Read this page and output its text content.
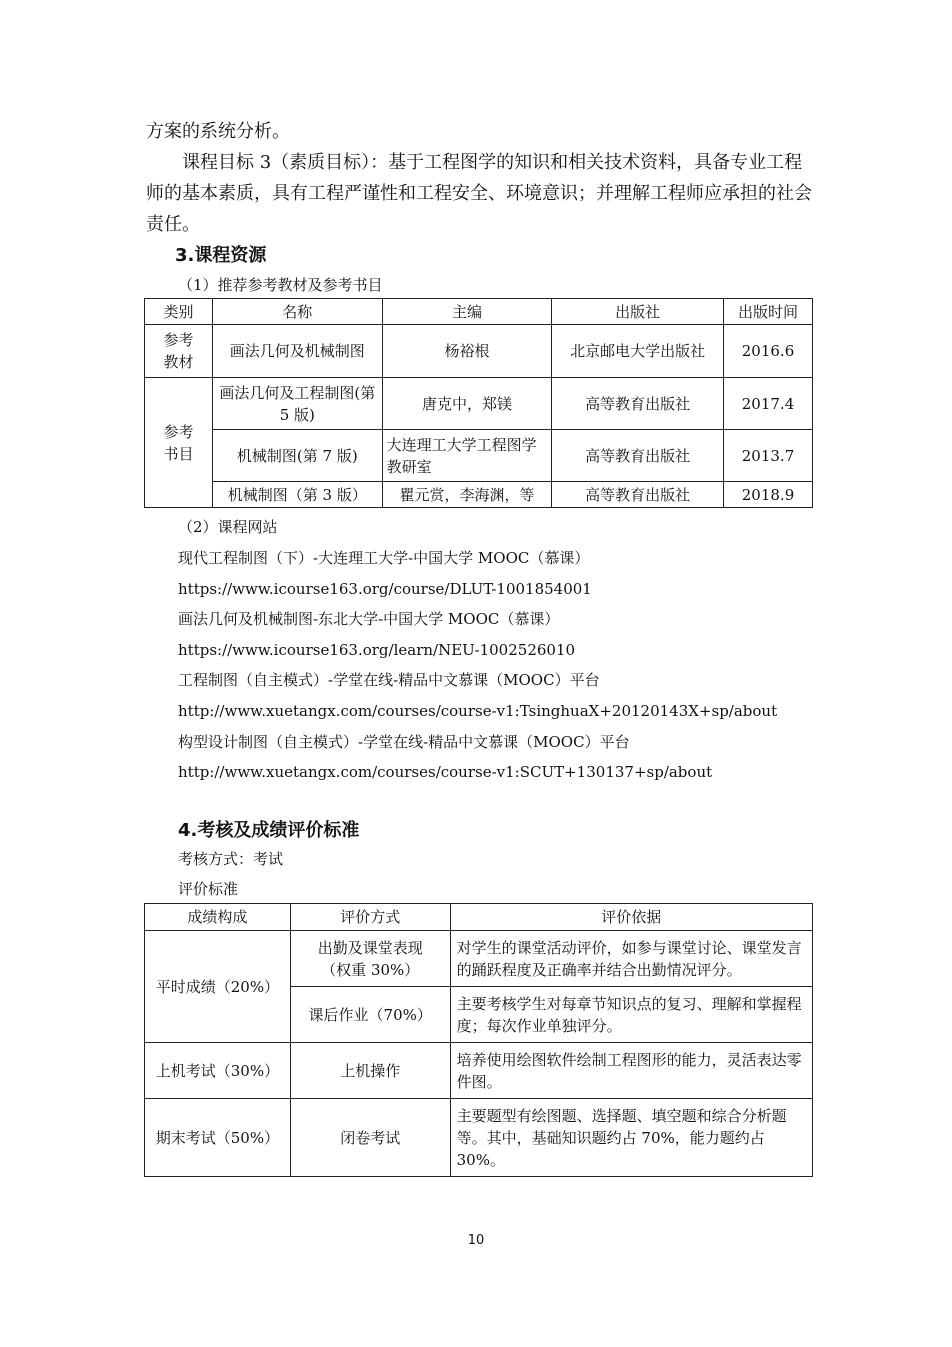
方案的系统分析。
课程目标 3（素质目标）：基于工程图学的知识和相关技术资料，具备专业工程师的基本素质，具有工程严谨性和工程安全、环境意识；并理解工程师应承担的社会责任。
3.课程资源
（1）推荐参考教材及参考书目
类别	名称	主编	出版社	出版时间
参考教材	画法几何及机械制图	杨裕根	北京邮电大学出版社	2016.6
参考书目	画法几何及工程制图(第 5 版)	唐克中，郑镁	高等教育出版社	2017.4
	机械制图(第 7 版)	大连理工大学工程图学教研室	高等教育出版社	2013.7
	机械制图（第 3 版）	瞿元赏，李海渊，等	高等教育出版社	2018.9
（2）课程网站
现代工程制图（下）-大连理工大学-中国大学 MOOC（慕课）
https://www.icourse163.org/course/DLUT-1001854001
画法几何及机械制图-东北大学-中国大学 MOOC（慕课）
https://www.icourse163.org/learn/NEU-1002526010
工程制图（自主模式）-学堂在线-精品中文慕课（MOOC）平台
http://www.xuetangx.com/courses/course-v1:TsinghuaX+20120143X+sp/about
构型设计制图（自主模式）-学堂在线-精品中文慕课（MOOC）平台
http://www.xuetangx.com/courses/course-v1:SCUT+130137+sp/about
4.考核及成绩评价标准
考核方式：考试
评价标准
成绩构成	评价方式	评价依据
平时成绩（20%）	出勤及课堂表现（权重 30%）	对学生的课堂活动评价，如参与课堂讨论、课堂发言的踊跃程度及正确率并结合出勤情况评分。
	课后作业（70%）	主要考核学生对每章节知识点的复习、理解和掌握程度；每次作业单独评分。
上机考试（30%）	上机操作	培养使用绘图软件绘制工程图形的能力，灵活表达零件图。
期末考试（50%）	闭卷考试	主要题型有绘图题、选择题、填空题和综合分析题等。其中，基础知识题约占 70%，能力题约占 30%。
10
